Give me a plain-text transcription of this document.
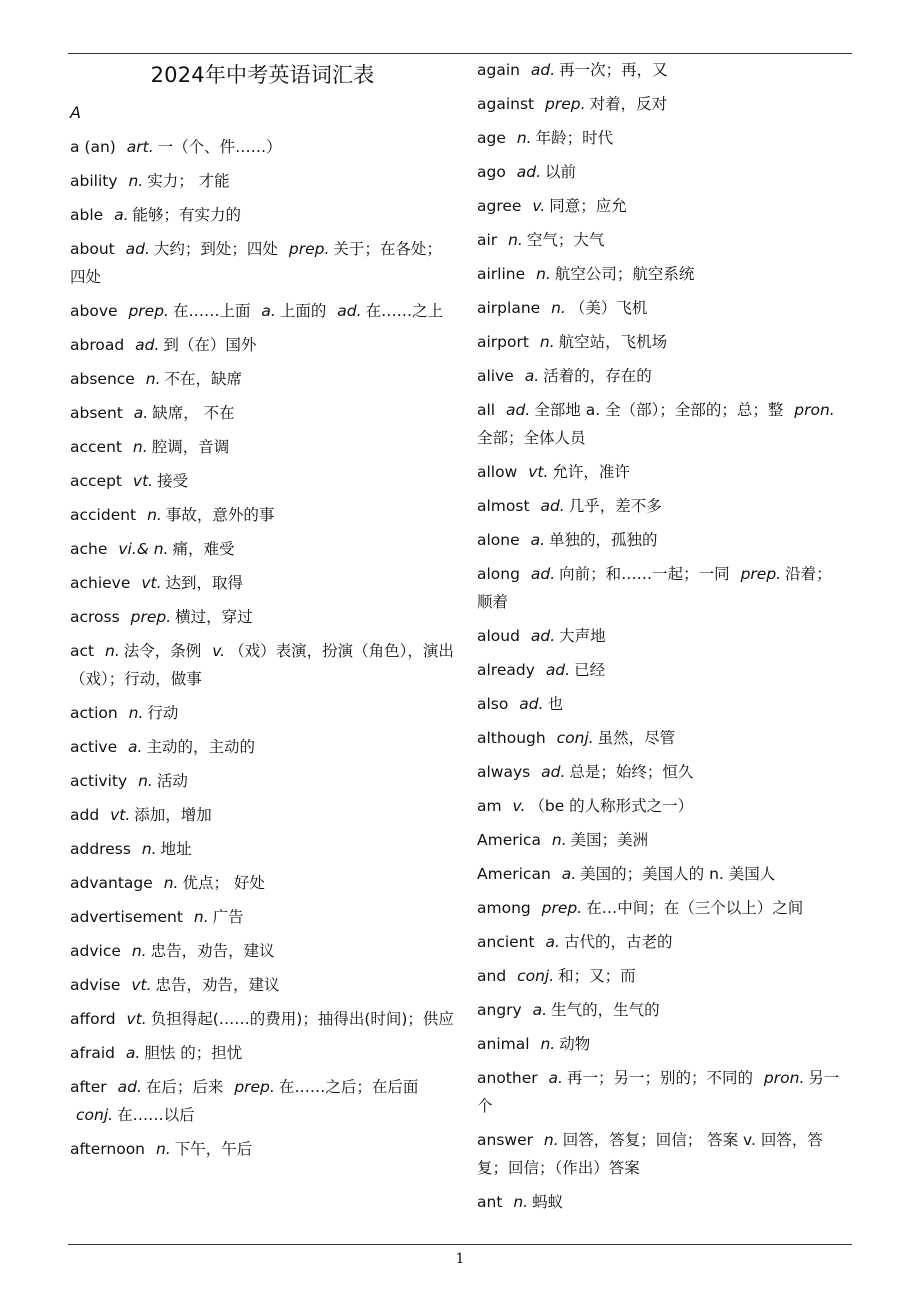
2024年中考英语词汇表
A
a (an) art. 一（个、件……）
ability n. 实力； 才能
able a. 能够；有实力的
about ad. 大约；到处；四处 prep. 关于；在各处；四处
above prep. 在……上面 a. 上面的 ad. 在……之上
abroad ad. 到（在）国外
absence n. 不在，缺席
absent a. 缺席， 不在
accent n. 腔调，音调
accept vt. 接受
accident n. 事故，意外的事
ache vi.& n. 痛，难受
achieve vt. 达到，取得
across prep. 横过，穿过
act n. 法令，条例 v. （戏）表演，扮演（角色），演出（戏）；行动，做事
action n. 行动
active a. 主动的，主动的
activity n. 活动
add vt. 添加，增加
address n. 地址
advantage n. 优点； 好处
advertisement n. 广告
advice n. 忠告，劝告，建议
advise vt. 忠告，劝告，建议
afford vt. 负担得起(……的费用)；抽得出(时间)；供应
afraid a. 胆怯 的；担忧
after ad. 在后；后来 prep. 在……之后；在后面 conj. 在……以后
afternoon n. 下午，午后
again ad. 再一次；再，又
against prep. 对着，反对
age n. 年龄；时代
ago ad. 以前
agree v. 同意；应允
air n. 空气；大气
airline n. 航空公司；航空系统
airplane n. （美）飞机
airport n. 航空站，飞机场
alive a. 活着的，存在的
all ad. 全部地 a. 全（部）；全部的；总；整 pron.全部；全体人员
allow vt. 允许，准许
almost ad. 几乎，差不多
alone a. 单独的，孤独的
along ad. 向前；和……一起；一同 prep. 沿着；顺着
aloud ad. 大声地
already ad. 已经
also ad. 也
although conj. 虽然，尽管
always ad. 总是；始终；恒久
am v. （be 的人称形式之一）
America n. 美国；美洲
American a. 美国的；美国人的 n. 美国人
among prep. 在…中间；在（三个以上）之间
ancient a. 古代的，古老的
and conj. 和；又；而
angry a. 生气的，生气的
animal n. 动物
another a. 再一；另一；别的；不同的 pron. 另一个
answer n. 回答，答复；回信； 答案 v. 回答，答复；回信；（作出）答案
ant n. 蚂蚁
1
